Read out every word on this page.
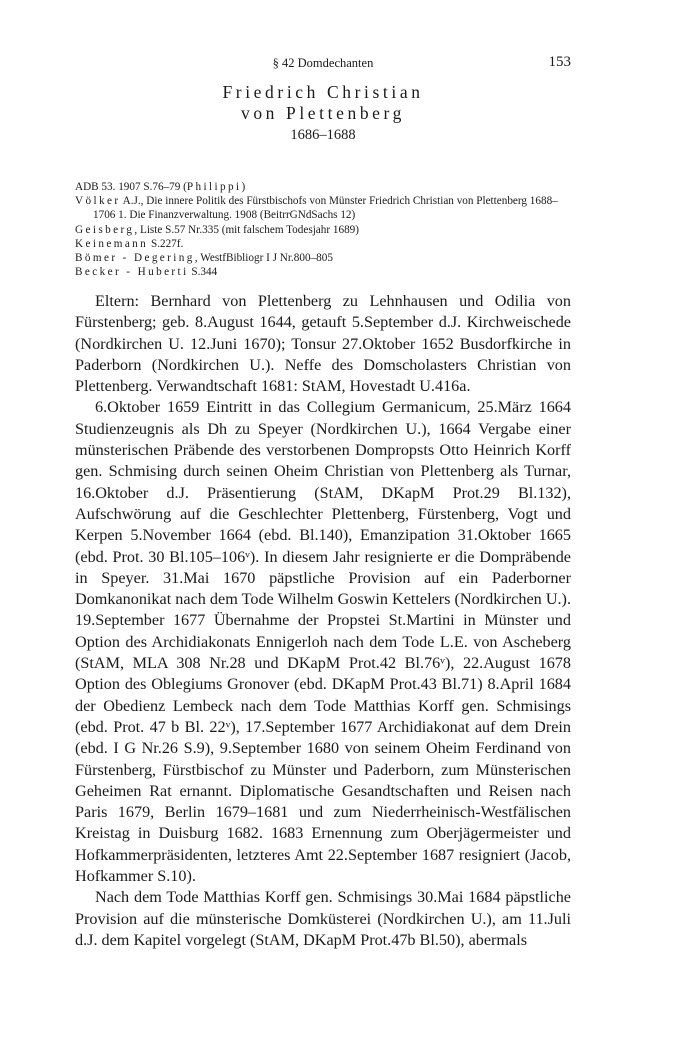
§ 42 Domdechanten	153
Friedrich Christian
von Plettenberg
1686–1688
ADB 53. 1907 S.76–79 (Philippi)
Völker A.J., Die innere Politik des Fürstbischofs von Münster Friedrich Christian von Plettenberg 1688–1706 1. Die Finanzverwaltung. 1908 (BeitrrGNdSachs 12)
Geisberg, Liste S.57 Nr.335 (mit falschem Todesjahr 1689)
Keinemann S.227f.
Bömer - Degering, WestfBibliogr I J Nr.800–805
Becker - Huberti S.344

Eltern: Bernhard von Plettenberg zu Lehnhausen und Odilia von Fürstenberg; geb. 8.August 1644, getauft 5.September d.J. Kirchweischede (Nordkirchen U. 12.Juni 1670); Tonsur 27.Oktober 1652 Busdorfkirche in Paderborn (Nordkirchen U.). Neffe des Domscholasters Christian von Plettenberg. Verwandtschaft 1681: StAM, Hovestadt U.416a.

6.Oktober 1659 Eintritt in das Collegium Germanicum, 25.März 1664 Studienzeugnis als Dh zu Speyer (Nordkirchen U.), 1664 Vergabe einer münsterischen Präbende des verstorbenen Dompropsts Otto Heinrich Korff gen. Schmising durch seinen Oheim Christian von Plettenberg als Turnar, 16.Oktober d.J. Präsentierung (StAM, DKapM Prot.29 Bl.132), Aufschwörung auf die Geschlechter Plettenberg, Fürstenberg, Vogt und Kerpen 5.November 1664 (ebd. Bl.140), Emanzipation 31.Oktober 1665 (ebd. Prot. 30 Bl.105–106ᵛ). In diesem Jahr resignierte er die Dompräbende in Speyer. 31.Mai 1670 päpstliche Provision auf ein Paderborner Domkanonikat nach dem Tode Wilhelm Goswin Kettelers (Nordkirchen U.). 19.September 1677 Übernahme der Propstei St.Martini in Münster und Option des Archidiakonats Ennigerloh nach dem Tode L.E. von Ascheberg (StAM, MLA 308 Nr.28 und DKapM Prot.42 Bl.76ᵛ), 22.August 1678 Option des Oblegiums Gronover (ebd. DKapM Prot.43 Bl.71) 8.April 1684 der Obedienz Lembeck nach dem Tode Matthias Korff gen. Schmisings (ebd. Prot. 47 b Bl. 22ᵛ), 17.September 1677 Archidiakonat auf dem Drein (ebd. I G Nr.26 S.9), 9.September 1680 von seinem Oheim Ferdinand von Fürstenberg, Fürstbischof zu Münster und Paderborn, zum Münsterischen Geheimen Rat ernannt. Diplomatische Gesandtschaften und Reisen nach Paris 1679, Berlin 1679–1681 und zum Niederrheinisch-Westfälischen Kreistag in Duisburg 1682. 1683 Ernennung zum Oberjägermeister und Hofkammerpräsidenten, letzteres Amt 22.September 1687 resigniert (Jacob, Hofkammer S.10).

Nach dem Tode Matthias Korff gen. Schmisings 30.Mai 1684 päpstliche Provision auf die münsterische Domküsterei (Nordkirchen U.), am 11.Juli d.J. dem Kapitel vorgelegt (StAM, DKapM Prot.47b Bl.50), abermals
